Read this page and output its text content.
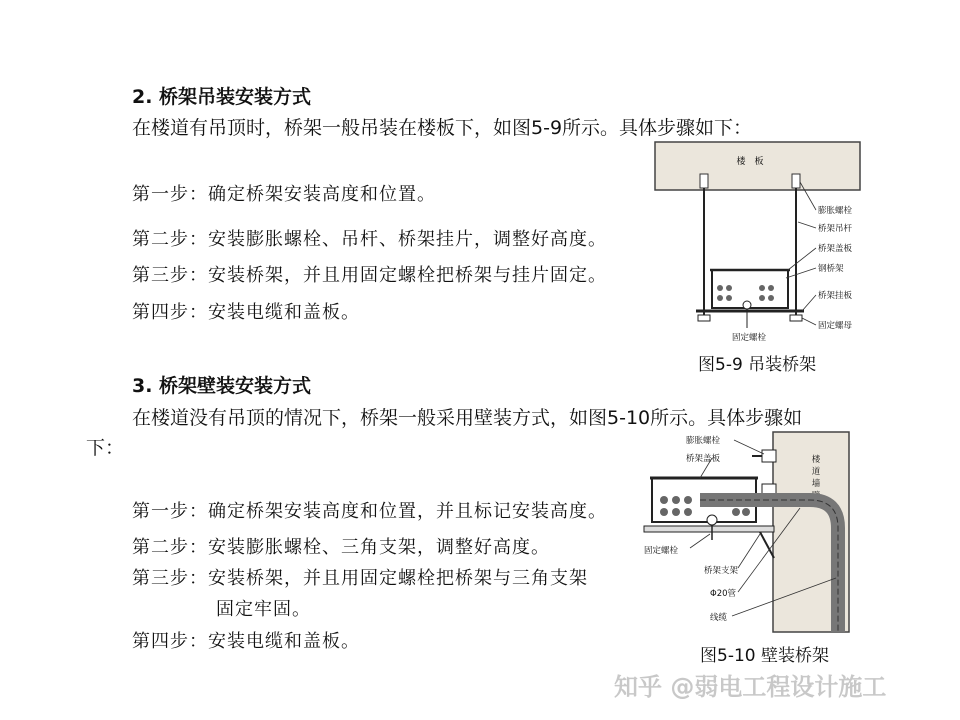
2. 桥架吊装安装方式
在楼道有吊顶时，桥架一般吊装在楼板下，如图5-9所示。具体步骤如下：
第一步：确定桥架安装高度和位置。
第二步：安装膨胀螺栓、吊杆、桥架挂片，调整好高度。
第三步：安装桥架，并且用固定螺栓把桥架与挂片固定。
第四步：安装电缆和盖板。
楼　板
膨胀螺栓
桥架吊杆
桥架盖板
钢桥架
桥架挂板
固定螺母
固定螺栓
图5-9 吊装桥架
3. 桥架壁装安装方式
在楼道没有吊顶的情况下，桥架一般采用壁装方式，如图5-10所示。具体步骤如
下：
第一步：确定桥架安装高度和位置，并且标记安装高度。
第二步：安装膨胀螺栓、三角支架，调整好高度。
第三步：安装桥架，并且用固定螺栓把桥架与三角支架
固定牢固。
第四步：安装电缆和盖板。
楼
道
墙
壁
膨胀螺栓
桥架盖板
固定螺栓
桥架支架
Φ20管
线缆
图5-10 壁装桥架
知乎 @弱电工程设计施工
